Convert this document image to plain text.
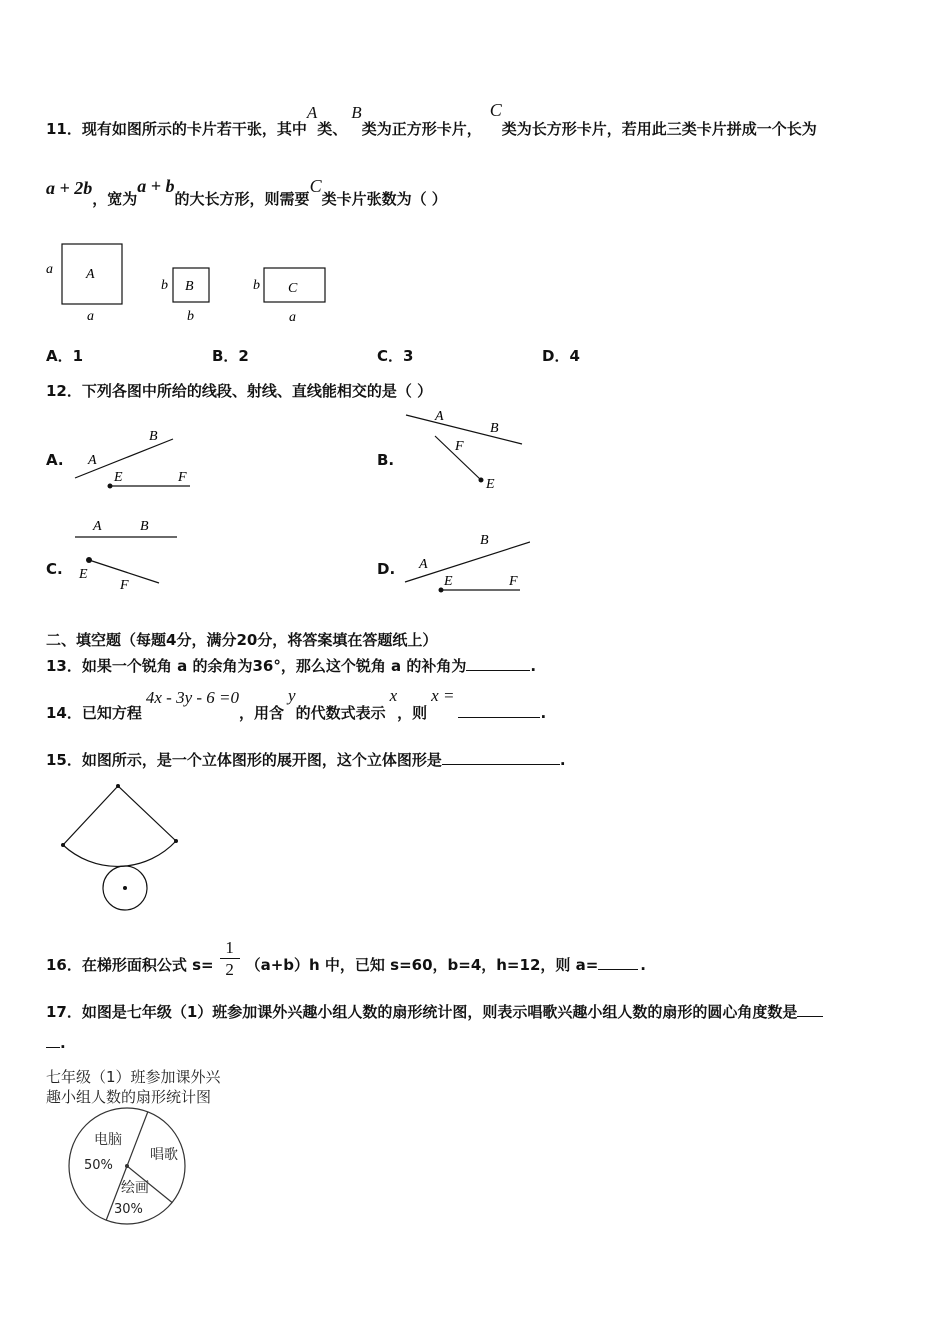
11．现有如图所示的卡片若干张，其中A类、B类为正方形卡片，C类为长方形卡片，若用此三类卡片拼成一个长为
a + 2b，宽为a + b的大长方形，则需要C类卡片张数为（ ）
a A
a
b B
b
b C
a
A．1	B．2	C．3	D．4
12．下列各图中所给的线段、射线、直线能相交的是（ ）
A.
B
A
E	F
B.
A
B
F
E
C.
A	B
E
F
D.
B
A
E	F
二、填空题（每题4分，满分20分，将答案填在答题纸上）
13．如果一个锐角 a 的余角为36°，那么这个锐角 a 的补角为	.
14．已知方程4x - 3y - 6 =0，用含y的代数式表示x，则x =.
15．如图所示，是一个立体图形的展开图，这个立体图形是	.
16．在梯形面积公式 $s= \frac{1}{2} (a+b)h$ 中，已知 s=60，b=4，h=12，则 a=	.
17．如图是七年级（1）班参加课外兴趣小组人数的扇形统计图，则表示唱歌兴趣小组人数的扇形的圆心角度数是
.
七年级（1）班参加课外兴
趣小组人数的扇形统计图
电脑
50%
唱歌
绘画
30%
